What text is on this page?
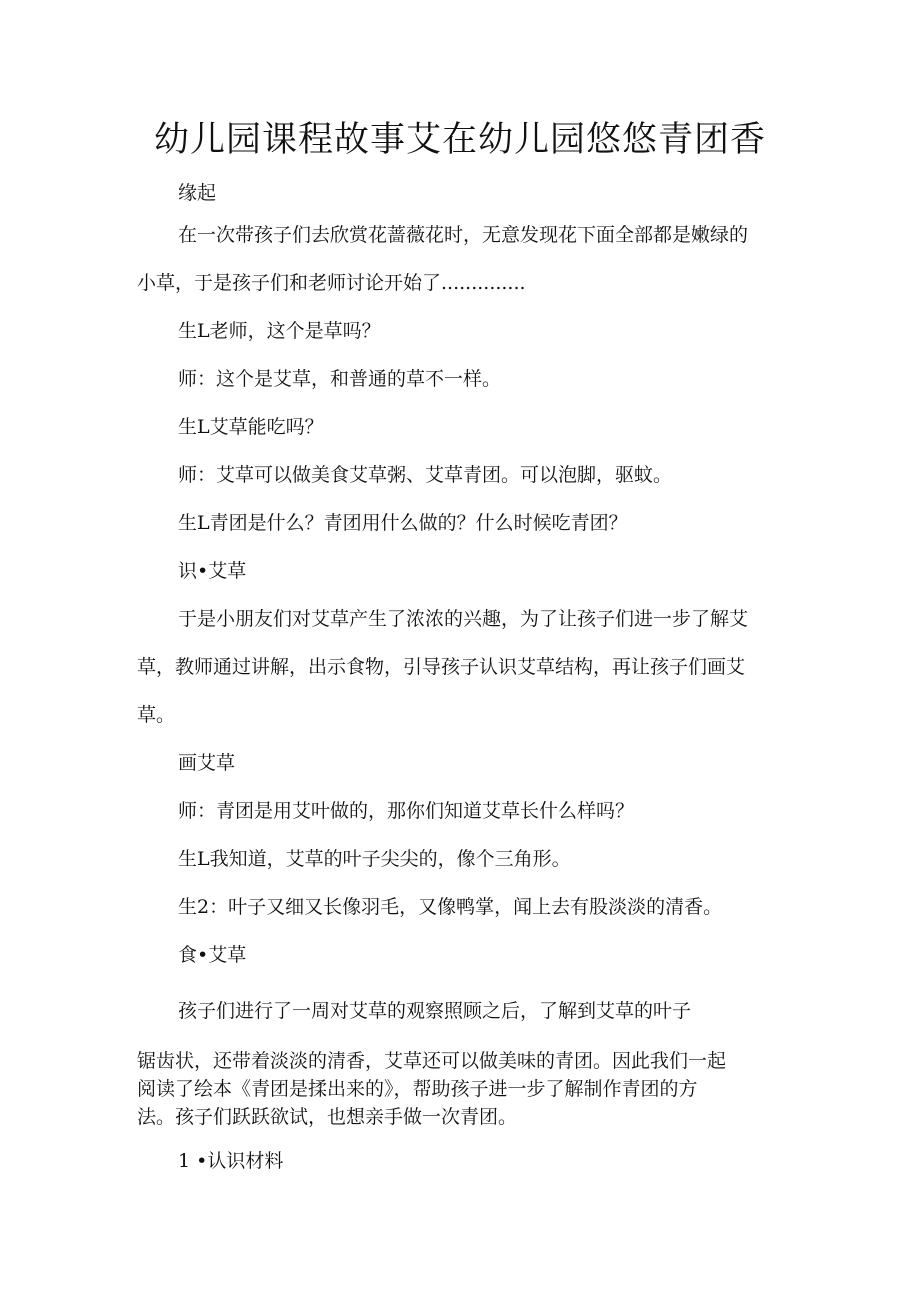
幼儿园课程故事艾在幼儿园悠悠青团香
缘起
在一次带孩子们去欣赏花蔷薇花时，无意发现花下面全部都是嫩绿的
小草，于是孩子们和老师讨论开始了..............
生L老师，这个是草吗？
师：这个是艾草，和普通的草不一样。
生L艾草能吃吗？
师：艾草可以做美食艾草粥、艾草青团。可以泡脚，驱蚊。
生L青团是什么？青团用什么做的？什么时候吃青团？
识•艾草
于是小朋友们对艾草产生了浓浓的兴趣，为了让孩子们进一步了解艾
草，教师通过讲解，出示食物，引导孩子认识艾草结构，再让孩子们画艾
草。
画艾草
师：青团是用艾叶做的，那你们知道艾草长什么样吗？
生L我知道，艾草的叶子尖尖的，像个三角形。
生2：叶子又细又长像羽毛，又像鸭掌，闻上去有股淡淡的清香。
食•艾草
孩子们进行了一周对艾草的观察照顾之后，了解到艾草的叶子
锯齿状，还带着淡淡的清香，艾草还可以做美味的青团。因此我们一起
阅读了绘本《青团是揉出来的》，帮助孩子进一步了解制作青团的方
法。孩子们跃跃欲试，也想亲手做一次青团。
1 •认识材料
